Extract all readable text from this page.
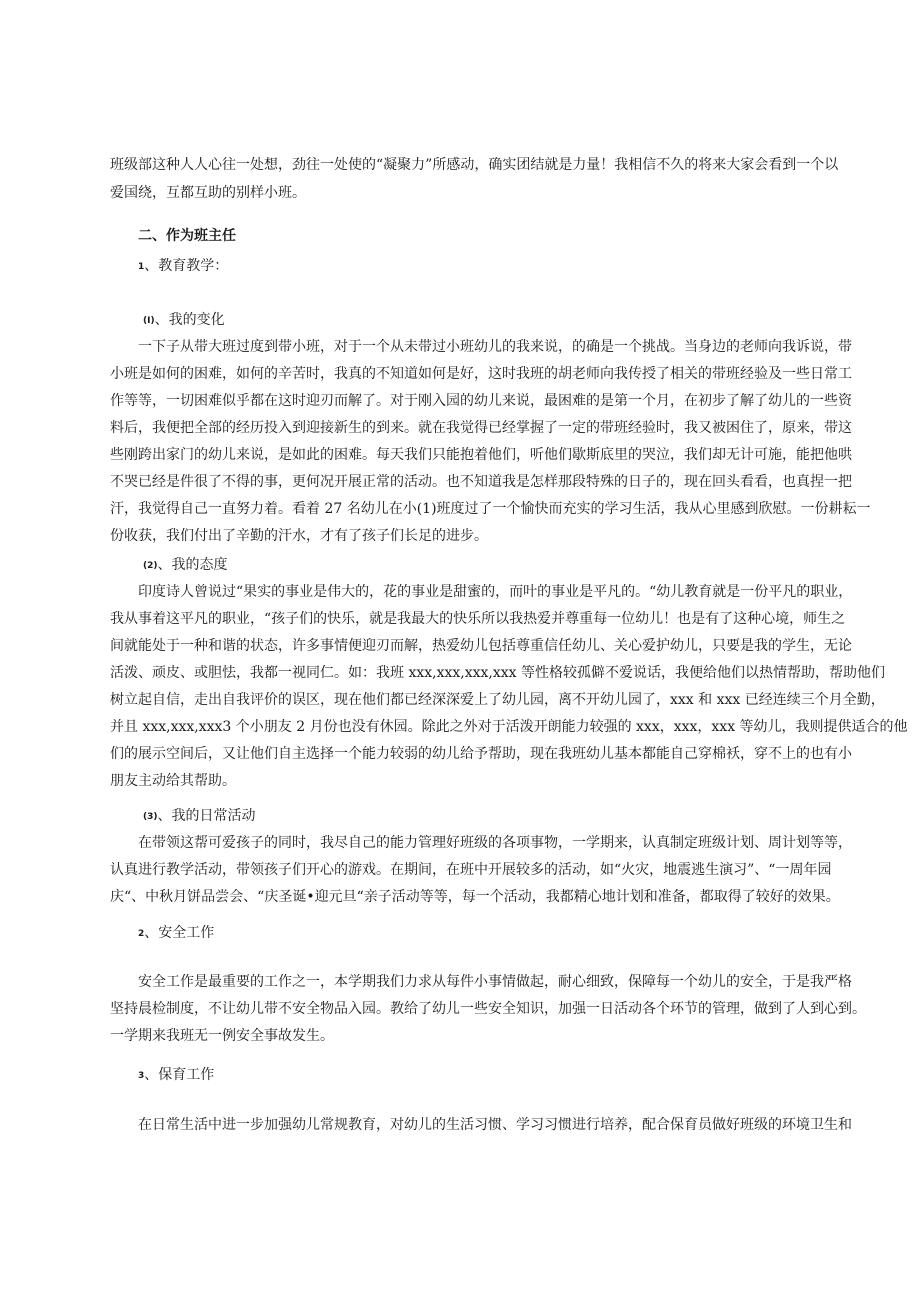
班级部这种人人心往一处想，劲往一处使的“凝聚力”所感动，确实团结就是力量！我相信不久的将来大家会看到一个以
爱国绕，互都互助的别样小班。
二、作为班主任
1、教育教学：
(I)、我的变化
一下子从带大班过度到带小班，对于一个从未带过小班幼儿的我来说，的确是一个挑战。当身边的老师向我诉说，带
小班是如何的困难，如何的辛苦时，我真的不知道如何是好，这时我班的胡老师向我传授了相关的带班经验及一些日常工
作等等，一切困难似乎都在这时迎刃而解了。对于刚入园的幼儿来说，最困难的是第一个月，在初步了解了幼儿的一些资
料后，我便把全部的经历投入到迎接新生的到来。就在我觉得已经掌握了一定的带班经验时，我又被困住了，原来，带这
些刚跨出家门的幼儿来说，是如此的困难。每天我们只能抱着他们，听他们歇斯底里的哭泣，我们却无计可施，能把他哄
不哭已经是件很了不得的事，更何况开展正常的活动。也不知道我是怎样那段特殊的日子的，现在回头看看，也真捏一把
汗，我觉得自己一直努力着。看着 27 名幼儿在小(1)班度过了一个愉快而充实的学习生活，我从心里感到欣慰。一份耕耘一
份收获，我们付出了辛勤的汗水，才有了孩子们长足的进步。
(2)、我的态度
印度诗人曾说过“果实的事业是伟大的，花的事业是甜蜜的，而叶的事业是平凡的。“幼儿教育就是一份平凡的职业，
我从事着这平凡的职业，“孩子们的快乐，就是我最大的快乐所以我热爱并尊重每一位幼儿！也是有了这种心境，师生之
间就能处于一种和谐的状态，许多事情便迎刃而解，热爱幼儿包括尊重信任幼儿、关心爱护幼儿，只要是我的学生，无论
活泼、顽皮、或胆怯，我都一视同仁。如：我班 xxx,xxx,xxx,xxx 等性格较孤僻不爱说话，我便给他们以热情帮助，帮助他们
树立起自信，走出自我评价的误区，现在他们都已经深深爱上了幼儿园，离不开幼儿园了，xxx 和 xxx 已经连续三个月全勤，
并且 xxx,xxx,xxx3 个小朋友 2 月份也没有休园。除此之外对于活泼开朗能力较强的 xxx，xxx，xxx 等幼儿，我则提供适合的他
们的展示空间后，又让他们自主选择一个能力较弱的幼儿给予帮助，现在我班幼儿基本都能自己穿棉袄，穿不上的也有小
朋友主动给其帮助。
(3)、我的日常活动
在带领这帮可爱孩子的同时，我尽自己的能力管理好班级的各项事物，一学期来，认真制定班级计划、周计划等等，
认真进行教学活动，带领孩子们开心的游戏。在期间，在班中开展较多的活动，如“火灾，地震逃生演习”、“一周年园
庆“、中秋月饼品尝会、“庆圣诞•迎元旦“亲子活动等等，每一个活动，我都精心地计划和准备，都取得了较好的效果。
2、安全工作
安全工作是最重要的工作之一，本学期我们力求从每件小事情做起，耐心细致，保障每一个幼儿的安全，于是我严格
坚持晨检制度，不让幼儿带不安全物品入园。教给了幼儿一些安全知识，加强一日活动各个环节的管理，做到了人到心到。
一学期来我班无一例安全事故发生。
3、保育工作
在日常生活中进一步加强幼儿常规教育，对幼儿的生活习惯、学习习惯进行培养，配合保育员做好班级的环境卫生和
